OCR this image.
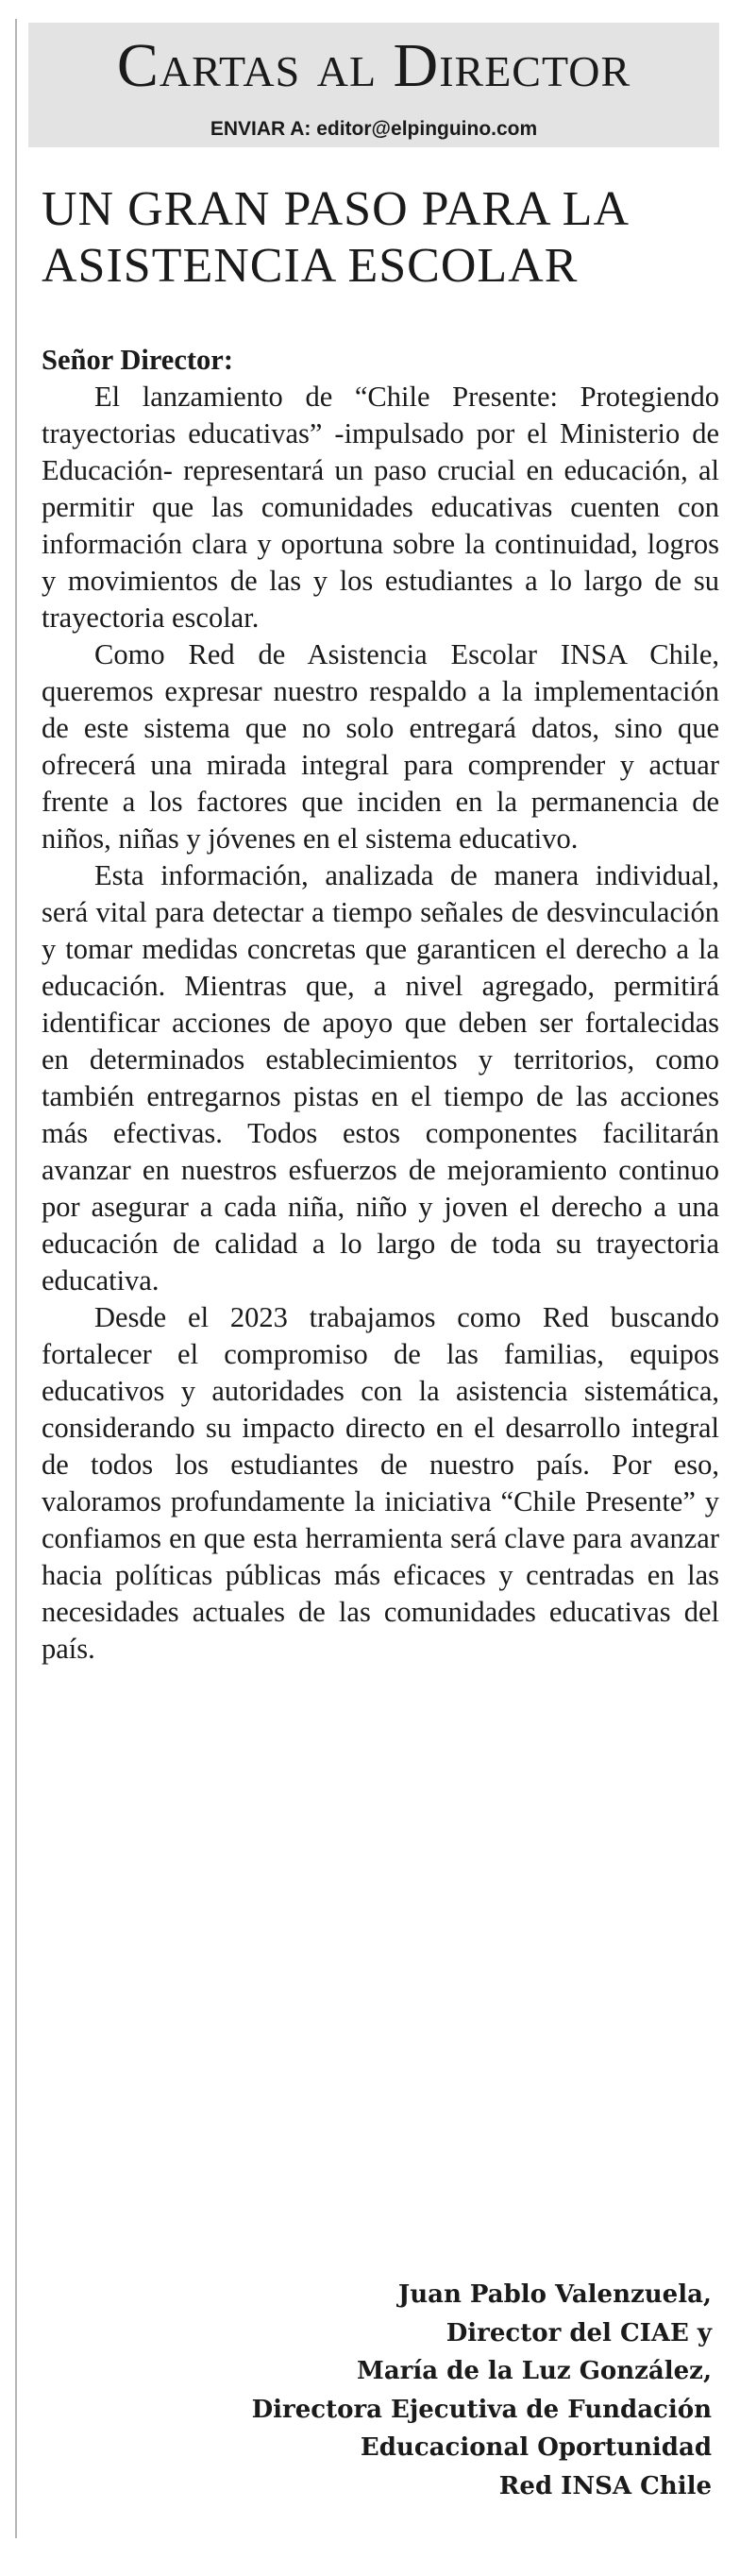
Cartas al Director
ENVIAR A: editor@elpinguino.com
UN GRAN PASO PARA LA
ASISTENCIA ESCOLAR
Señor Director:

El lanzamiento de “Chile Presente: Protegiendo trayectorias educativas” -impulsado por el Ministerio de Educación- representará un paso crucial en educación, al permitir que las comunidades educativas cuenten con información clara y oportuna sobre la continuidad, logros y movimientos de las y los estudiantes a lo largo de su trayectoria escolar.

Como Red de Asistencia Escolar INSA Chile, queremos expresar nuestro respaldo a la implementación de este sistema que no solo entregará datos, sino que ofrecerá una mirada integral para comprender y actuar frente a los factores que inciden en la permanencia de niños, niñas y jóvenes en el sistema educativo.

Esta información, analizada de manera individual, será vital para detectar a tiempo señales de desvinculación y tomar medidas concretas que garanticen el derecho a la educación. Mientras que, a nivel agregado, permitirá identificar acciones de apoyo que deben ser fortalecidas en determinados establecimientos y territorios, como también entregarnos pistas en el tiempo de las acciones más efectivas. Todos estos componentes facilitarán avanzar en nuestros esfuerzos de mejoramiento continuo por asegurar a cada niña, niño y joven el derecho a una educación de calidad a lo largo de toda su trayectoria educativa.

Desde el 2023 trabajamos como Red buscando fortalecer el compromiso de las familias, equipos educativos y autoridades con la asistencia sistemática, considerando su impacto directo en el desarrollo integral de todos los estudiantes de nuestro país. Por eso, valoramos profundamente la iniciativa “Chile Presente” y confiamos en que esta herramienta será clave para avanzar hacia políticas públicas más eficaces y centradas en las necesidades actuales de las comunidades educativas del país.

Juan Pablo Valenzuela,
Director del CIAE y
María de la Luz González,
Directora Ejecutiva de Fundación
Educacional Oportunidad
Red INSA Chile
